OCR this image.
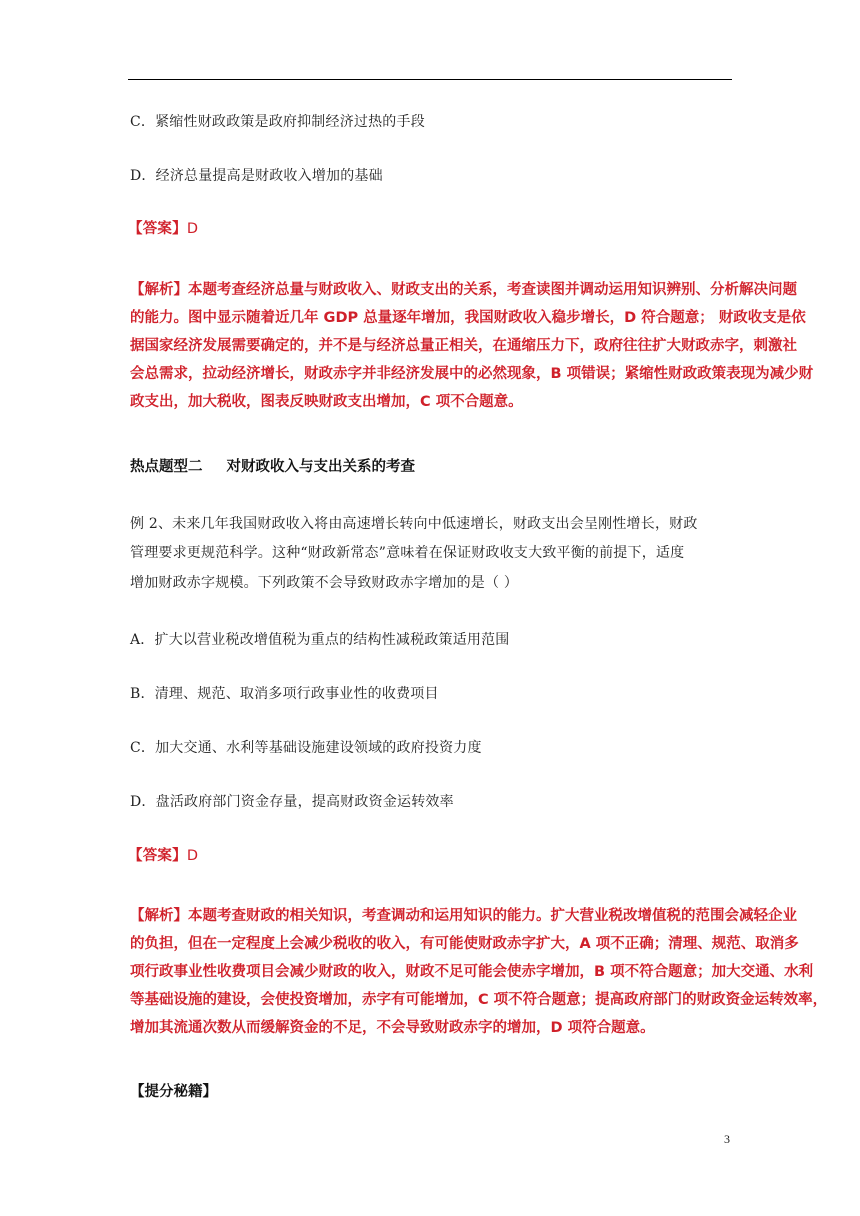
C．紧缩性财政政策是政府抑制经济过热的手段
D．经济总量提高是财政收入增加的基础
【答案】D
【解析】本题考查经济总量与财政收入、财政支出的关系，考查读图并调动运用知识辨别、分析解决问题
的能力。图中显示随着近几年 GDP 总量逐年增加，我国财政收入稳步增长，D 符合题意； 财政收支是依
据国家经济发展需要确定的，并不是与经济总量正相关，在通缩压力下，政府往往扩大财政赤字，刺激社
会总需求，拉动经济增长，财政赤字并非经济发展中的必然现象，B 项错误；紧缩性财政政策表现为减少财
政支出，加大税收，图表反映财政支出增加，C 项不合题意。
热点题型二 对财政收入与支出关系的考查
例 2、未来几年我国财政收入将由高速增长转向中低速增长，财政支出会呈刚性增长，财政
管理要求更规范科学。这种“财政新常态”意味着在保证财政收支大致平衡的前提下，适度
增加财政赤字规模。下列政策不会导致财政赤字增加的是（ ）
A．扩大以营业税改增值税为重点的结构性减税政策适用范围
B．清理、规范、取消多项行政事业性的收费项目
C．加大交通、水利等基础设施建设领域的政府投资力度
D．盘活政府部门资金存量，提高财政资金运转效率
【答案】D
【解析】本题考查财政的相关知识，考查调动和运用知识的能力。扩大营业税改增值税的范围会减轻企业
的负担，但在一定程度上会减少税收的收入，有可能使财政赤字扩大，A 项不正确；清理、规范、取消多
项行政事业性收费项目会减少财政的收入，财政不足可能会使赤字增加，B 项不符合题意；加大交通、水利
等基础设施的建设，会使投资增加，赤字有可能增加，C 项不符合题意；提高政府部门的财政资金运转效率，
增加其流通次数从而缓解资金的不足，不会导致财政赤字的增加，D 项符合题意。
【提分秘籍】
3
